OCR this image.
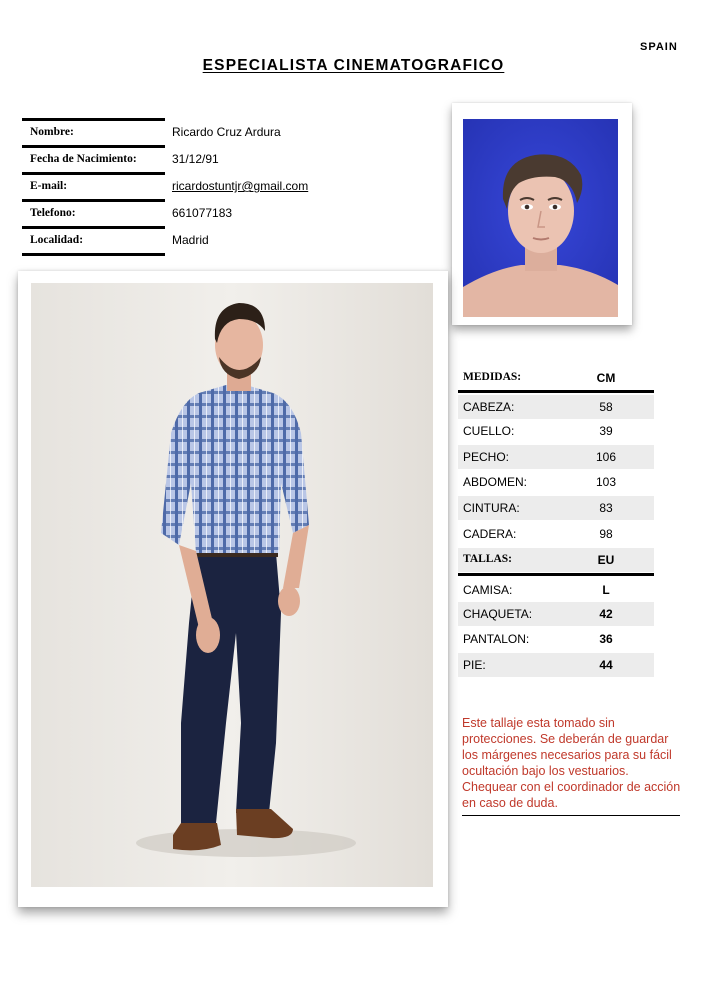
SPAIN
ESPECIALISTA CINEMATOGRAFICO
Nombre:	Ricardo Cruz Ardura
Fecha de Nacimiento:	31/12/91
E-mail:	ricardostuntjr@gmail.com
Telefono:	661077183
Localidad:	Madrid
MEDIDAS:	CM
CABEZA:	58
CUELLO:	39
PECHO:	106
ABDOMEN:	103
CINTURA:	83
CADERA:	98
TALLAS:	EU
CAMISA:	L
CHAQUETA:	42
PANTALON:	36
PIE:	44
Este tallaje esta tomado sin protecciones. Se deberán de guardar los márgenes necesarios para su fácil ocultación bajo los vestuarios. Chequear con el coordinador de acción en caso de duda.
